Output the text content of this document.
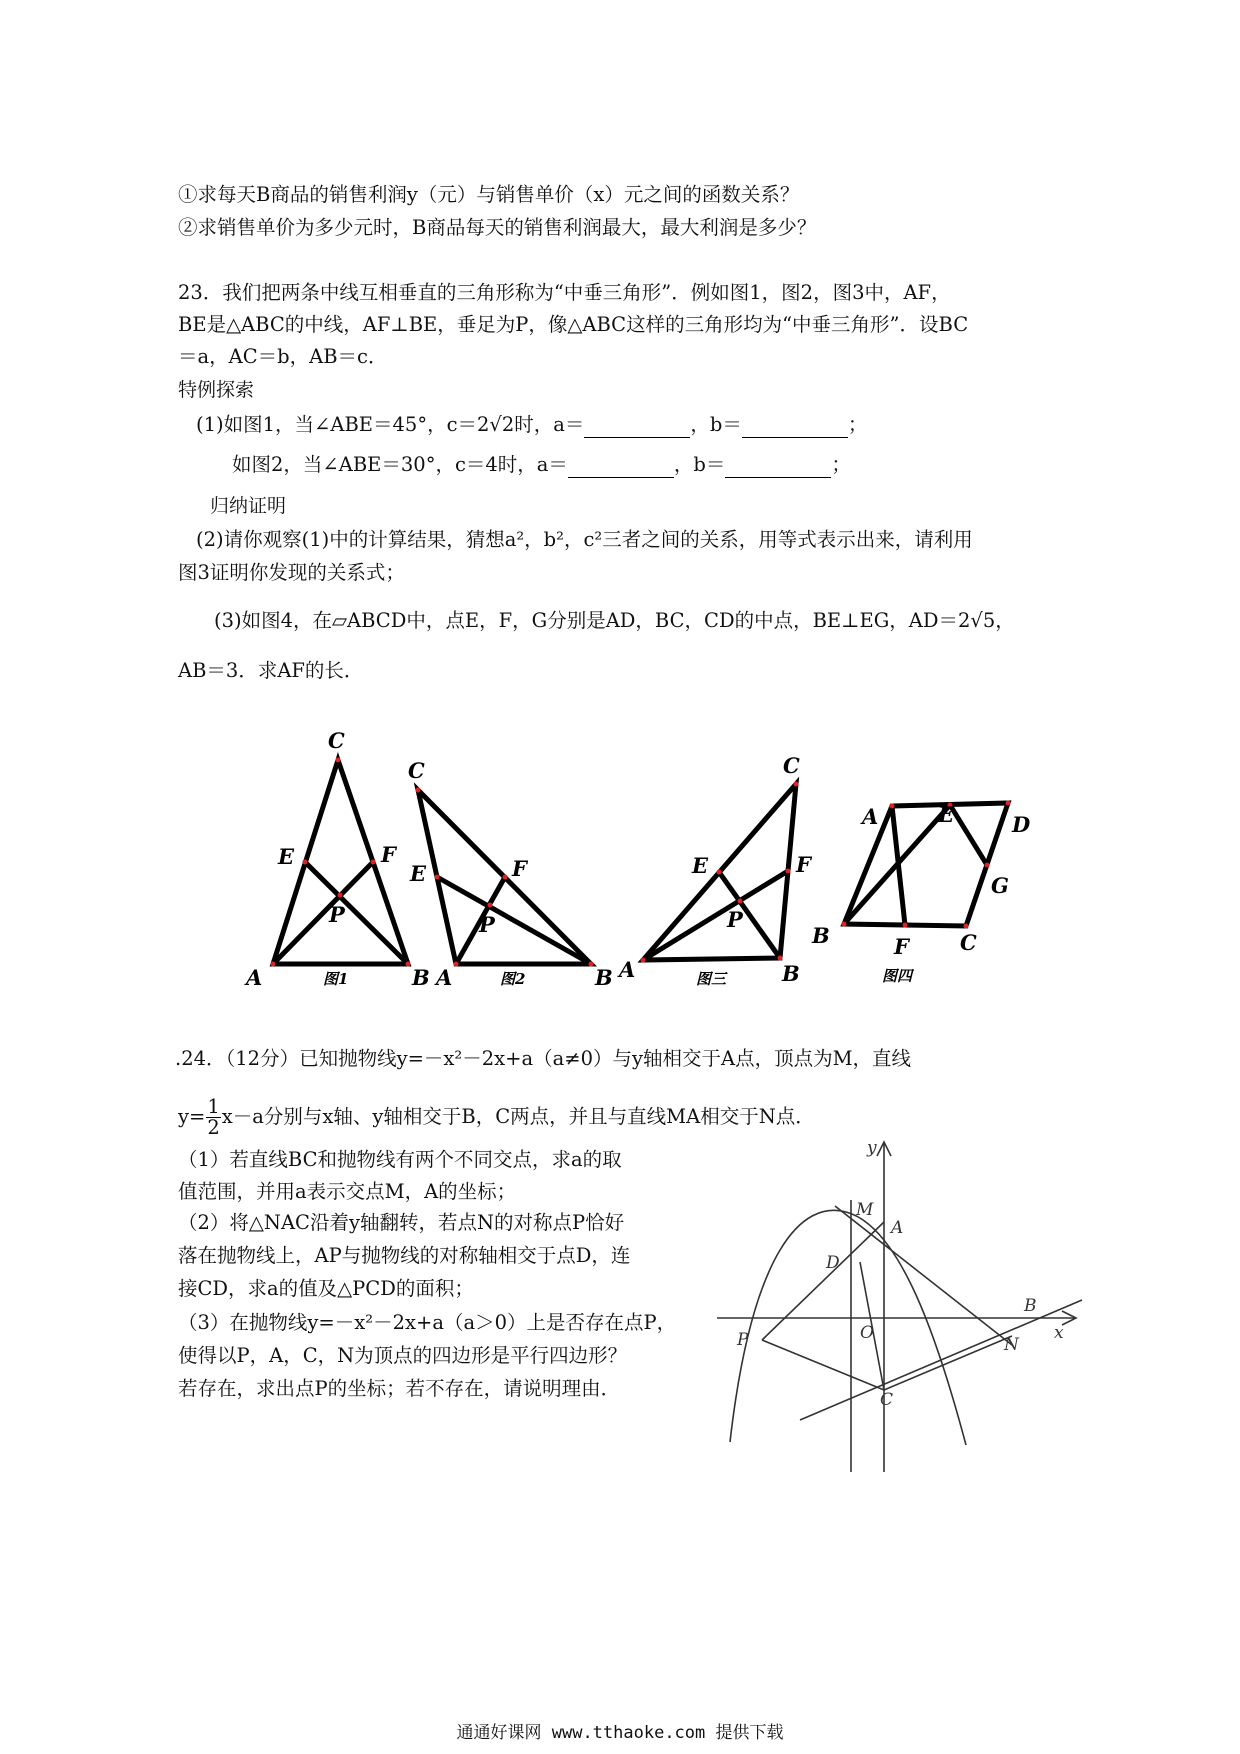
①求每天B商品的销售利润y（元）与销售单价（x）元之间的函数关系？
②求销售单价为多少元时，B商品每天的销售利润最大，最大利润是多少？
23．我们把两条中线互相垂直的三角形称为“中垂三角形”．例如图1，图2，图3中，AF，
BE是△ABC的中线，AF⊥BE，垂足为P，像△ABC这样的三角形均为“中垂三角形”．设BC
＝a，AC＝b，AB＝c．
特例探索
(1)如图1，当∠ABE＝45°，c＝2√2时，a＝	，b＝	；
如图2，当∠ABE＝30°，c＝4时，a＝	，b＝	；
归纳证明
(2)请你观察(1)中的计算结果，猜想a²，b²，c²三者之间的关系，用等式表示出来，请利用
图3证明你发现的关系式；
(3)如图4，在▱ABCD中，点E，F，G分别是AD，BC，CD的中点，BE⊥EG，AD＝2√5，
AB＝3．求AF的长．
C
E	F
P
A	B
C
E	F
P
A	B
C
E	F
P
A	B
A	E	D
G
B	F C
图1	图2	图三	图四
.24．（12分）已知抛物线y=－x²－2x+a（a≠0）与y轴相交于A点，顶点为M，直线
$y= \frac{1}{2} x-a$分别与x轴、y轴相交于B，C两点，并且与直线MA相交于N点．
（1）若直线BC和抛物线有两个不同交点，求a的取
值范围，并用a表示交点M，A的坐标；
（2）将△NAC沿着y轴翻转，若点N的对称点P恰好
落在抛物线上，AP与抛物线的对称轴相交于点D，连
接CD，求a的值及△PCD的面积；
（3）在抛物线y=－x²－2x+a（a＞0）上是否存在点P，
使得以P，A，C，N为顶点的四边形是平行四边形？
若存在，求出点P的坐标；若不存在，请说明理由．
y
M
A
D
B
x
P	O
N
C
通通好课网 www.tthaoke.com 提供下载
